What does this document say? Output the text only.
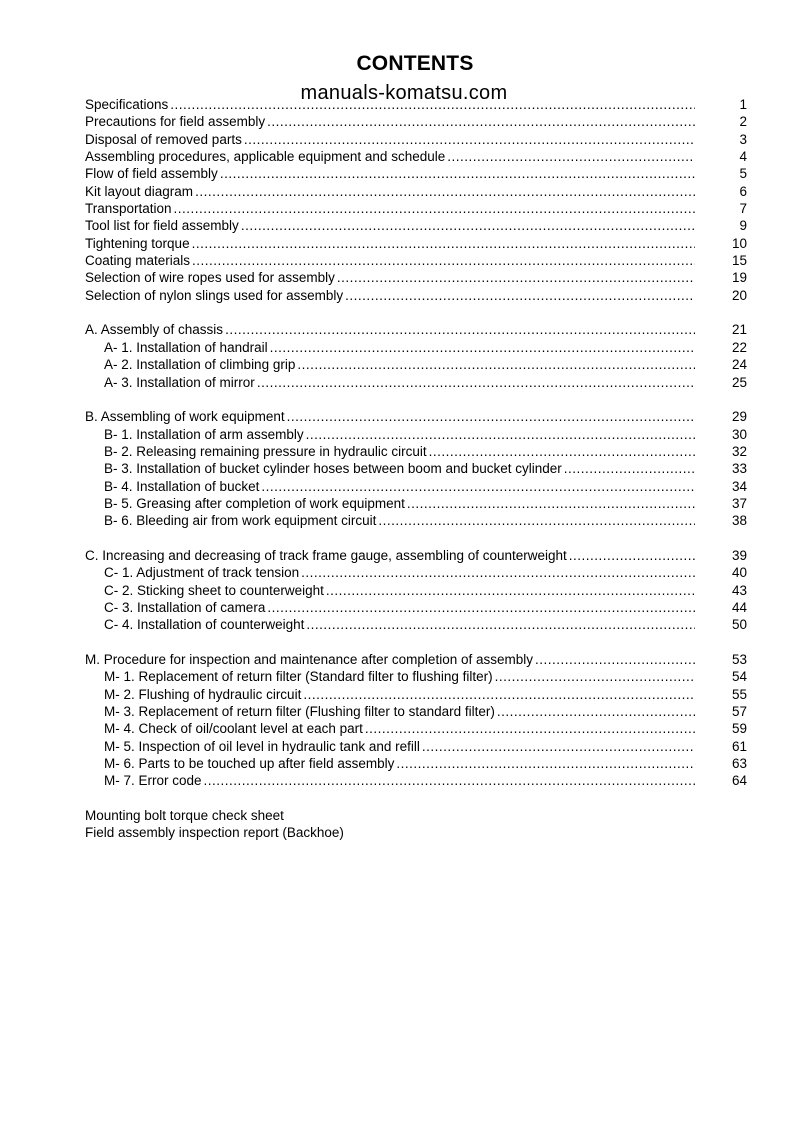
CONTENTS
manuals-komatsu.com
Specifications .....	1
Precautions for field assembly .....	2
Disposal of removed parts .....	3
Assembling procedures, applicable equipment and schedule .....	4
Flow of field assembly .....	5
Kit layout diagram .....	6
Transportation .....	7
Tool list for field assembly .....	9
Tightening torque .....	10
Coating materials .....	15
Selection of wire ropes used for assembly .....	19
Selection of nylon slings used for assembly .....	20
A. Assembly of chassis .....	21
A- 1. Installation of handrail .....	22
A- 2. Installation of climbing grip .....	24
A- 3. Installation of mirror .....	25
B. Assembling of work equipment .....	29
B- 1. Installation of arm assembly .....	30
B- 2. Releasing remaining pressure in hydraulic circuit .....	32
B- 3. Installation of bucket cylinder hoses between boom and bucket cylinder .....	33
B- 4. Installation of bucket .....	34
B- 5. Greasing after completion of work equipment .....	37
B- 6. Bleeding air from work equipment circuit .....	38
C. Increasing and decreasing of track frame gauge, assembling of counterweight .....	39
C- 1. Adjustment of track tension .....	40
C- 2. Sticking sheet to counterweight .....	43
C- 3. Installation of camera .....	44
C- 4. Installation of counterweight .....	50
M. Procedure for inspection and maintenance after completion of assembly .....	53
M- 1. Replacement of return filter (Standard filter to flushing filter) .....	54
M- 2. Flushing of hydraulic circuit .....	55
M- 3. Replacement of return filter (Flushing filter to standard filter) .....	57
M- 4. Check of oil/coolant level at each part .....	59
M- 5. Inspection of oil level in hydraulic tank and refill .....	61
M- 6. Parts to be touched up after field assembly .....	63
M- 7. Error code .....	64
Mounting bolt torque check sheet
Field assembly inspection report (Backhoe)
